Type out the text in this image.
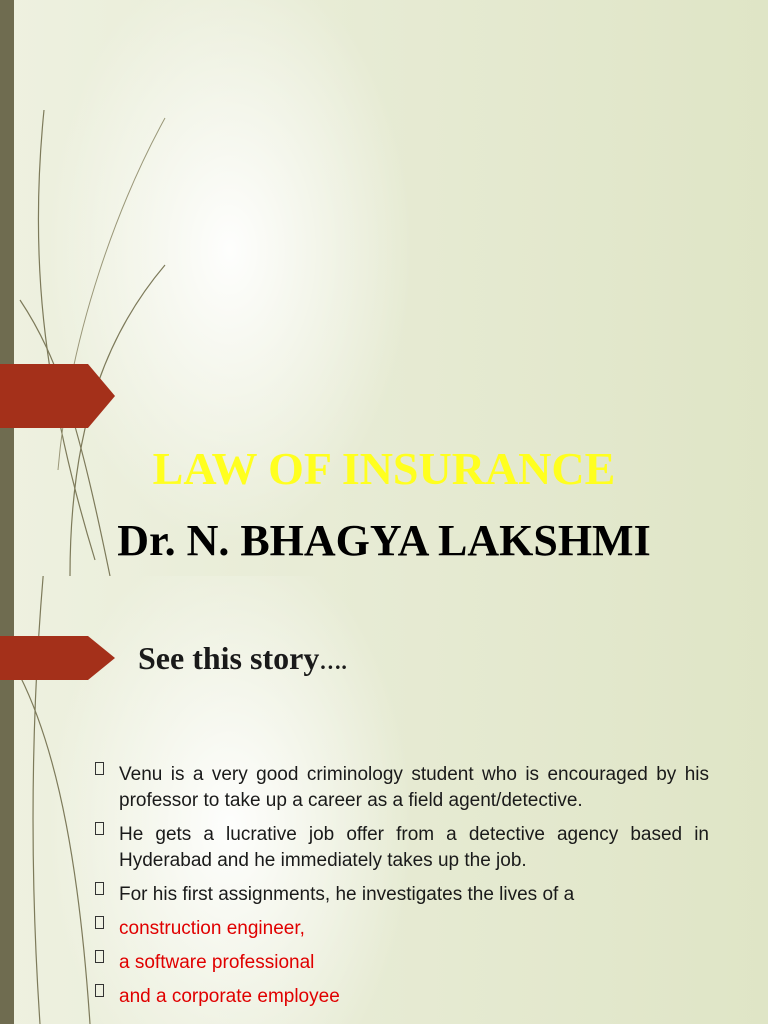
LAW OF INSURANCE
Dr. N. BHAGYA LAKSHMI
See this story….
Venu is a very good criminology student who is encouraged by his professor to take up a career as a field agent/detective.
He gets a lucrative job offer from a detective agency based in Hyderabad and he immediately takes up the job.
For his first assignments, he investigates the lives of a
construction engineer,
a software professional
and a corporate employee
